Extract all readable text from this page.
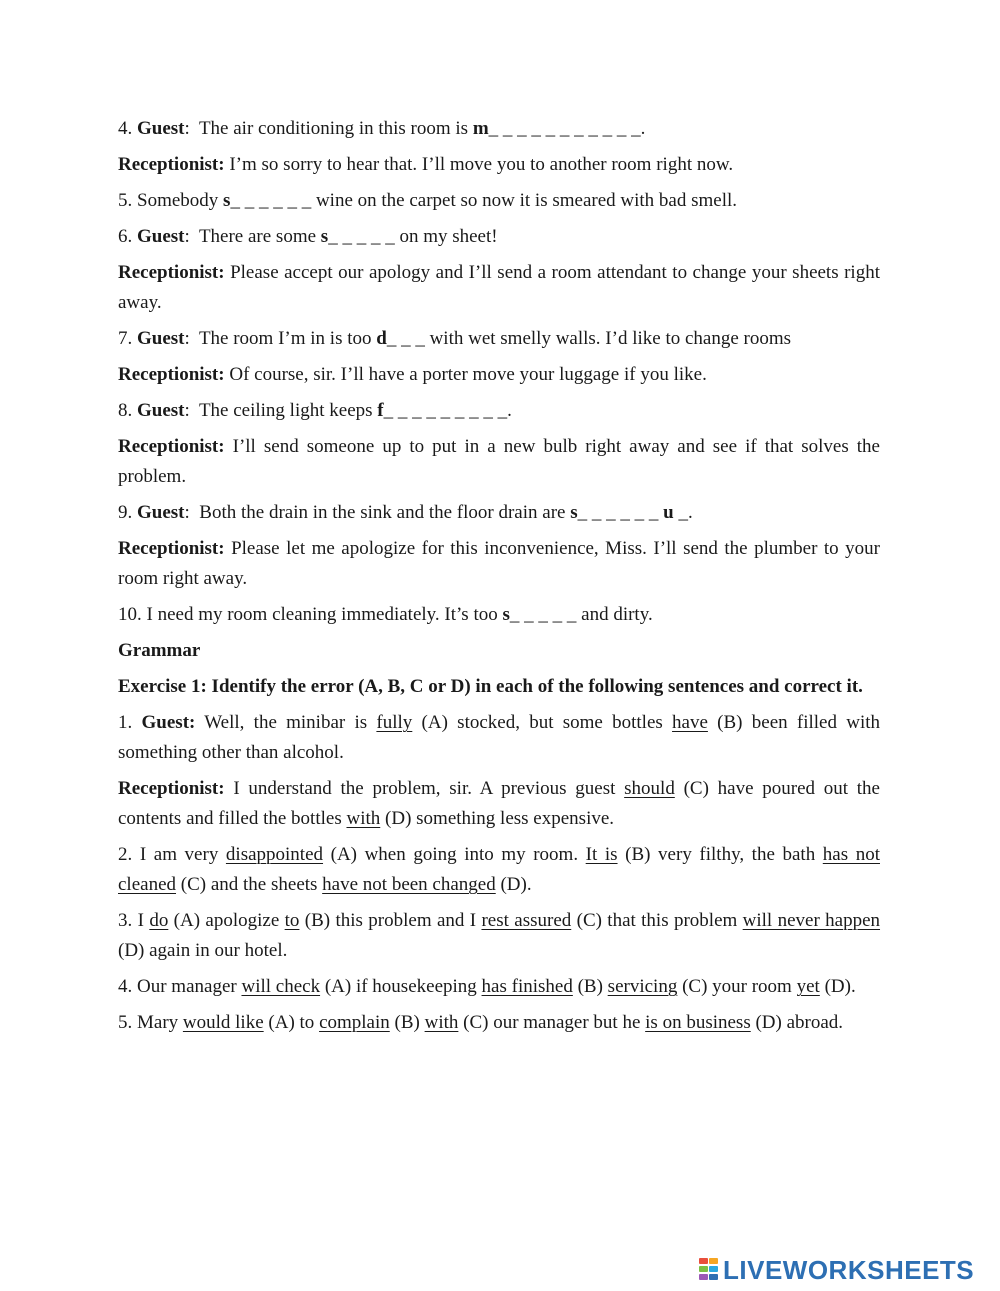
4. Guest:  The air conditioning in this room is m_ _ _ _ _ _ _ _ _ _ _.

Receptionist: I’m so sorry to hear that. I’ll move you to another room right now.

5. Somebody s_ _ _ _ _ _ wine on the carpet so now it is smeared with bad smell.

6. Guest:  There are some s_ _ _ _ _ on my sheet!

Receptionist: Please accept our apology and I’ll send a room attendant to change your sheets right away.

7. Guest:  The room I’m in is too d_ _ _ with wet smelly walls. I’d like to change rooms

Receptionist: Of course, sir. I’ll have a porter move your luggage if you like.

8. Guest:  The ceiling light keeps f_ _ _ _ _ _ _ _ _.

Receptionist: I’ll send someone up to put in a new bulb right away and see if that solves the problem.

9. Guest:  Both the drain in the sink and the floor drain are s_ _ _ _ _ _ u _.

Receptionist: Please let me apologize for this inconvenience, Miss. I’ll send the plumber to your room right away.

10. I need my room cleaning immediately. It’s too s_ _ _ _ _ and dirty.

Grammar

Exercise 1: Identify the error (A, B, C or D) in each of the following sentences and correct it.

1. Guest: Well, the minibar is fully (A) stocked, but some bottles have (B) been filled with something other than alcohol.

Receptionist: I understand the problem, sir. A previous guest should (C) have poured out the contents and filled the bottles with (D) something less expensive.

2. I am very disappointed (A) when going into my room. It is (B) very filthy, the bath has not cleaned (C) and the sheets have not been changed (D).

3. I do (A) apologize to (B) this problem and I rest assured (C) that this problem will never happen (D) again in our hotel.

4. Our manager will check (A) if housekeeping has finished (B) servicing (C) your room yet (D).

5. Mary would like (A) to complain (B) with (C) our manager but he is on business (D) abroad.

LIVEWORKSHEETS
